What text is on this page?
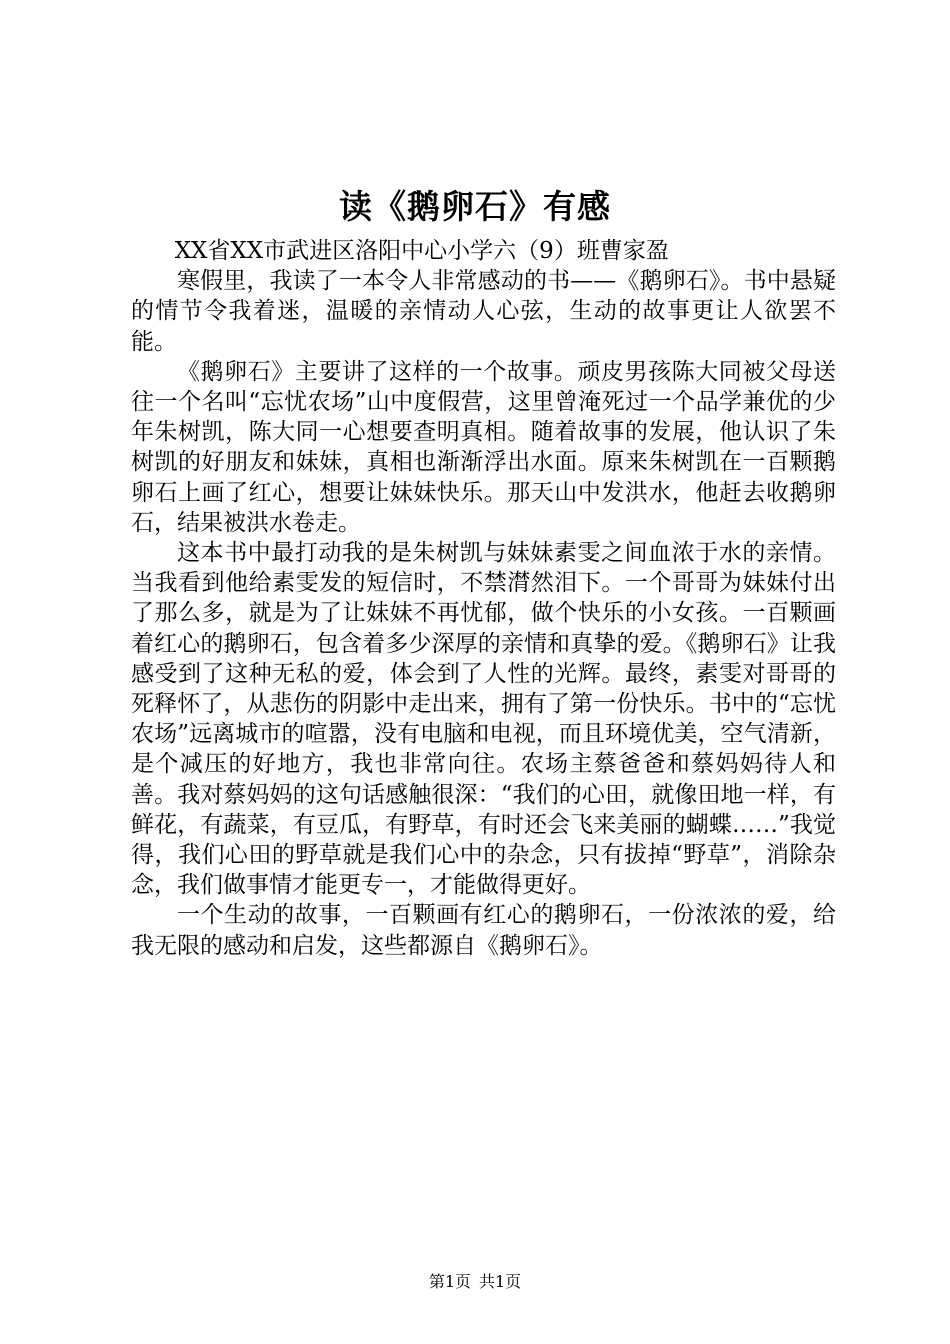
读《鹅卵石》有感

XX省XX市武进区洛阳中心小学六（9）班曹家盈

寒假里，我读了一本令人非常感动的书——《鹅卵石》。书中悬疑的情节令我着迷，温暖的亲情动人心弦，生动的故事更让人欲罢不能。

《鹅卵石》主要讲了这样的一个故事。顽皮男孩陈大同被父母送往一个名叫“忘忧农场”山中度假营，这里曾淹死过一个品学兼优的少年朱树凯，陈大同一心想要查明真相。随着故事的发展，他认识了朱树凯的好朋友和妹妹，真相也渐渐浮出水面。原来朱树凯在一百颗鹅卵石上画了红心，想要让妹妹快乐。那天山中发洪水，他赶去收鹅卵石，结果被洪水卷走。

这本书中最打动我的是朱树凯与妹妹素雯之间血浓于水的亲情。当我看到他给素雯发的短信时，不禁潸然泪下。一个哥哥为妹妹付出了那么多，就是为了让妹妹不再忧郁，做个快乐的小女孩。一百颗画着红心的鹅卵石，包含着多少深厚的亲情和真挚的爱。《鹅卵石》让我感受到了这种无私的爱，体会到了人性的光辉。最终，素雯对哥哥的死释怀了，从悲伤的阴影中走出来，拥有了第一份快乐。书中的“忘忧农场”远离城市的喧嚣，没有电脑和电视，而且环境优美，空气清新，是个减压的好地方，我也非常向往。农场主蔡爸爸和蔡妈妈待人和善。我对蔡妈妈的这句话感触很深：“我们的心田，就像田地一样，有鲜花，有蔬菜，有豆瓜，有野草，有时还会飞来美丽的蝴蝶……”我觉得，我们心田的野草就是我们心中的杂念，只有拔掉“野草”，消除杂念，我们做事情才能更专一，才能做得更好。

一个生动的故事，一百颗画有红心的鹅卵石，一份浓浓的爱，给我无限的感动和启发，这些都源自《鹅卵石》。

第1页 共1页
